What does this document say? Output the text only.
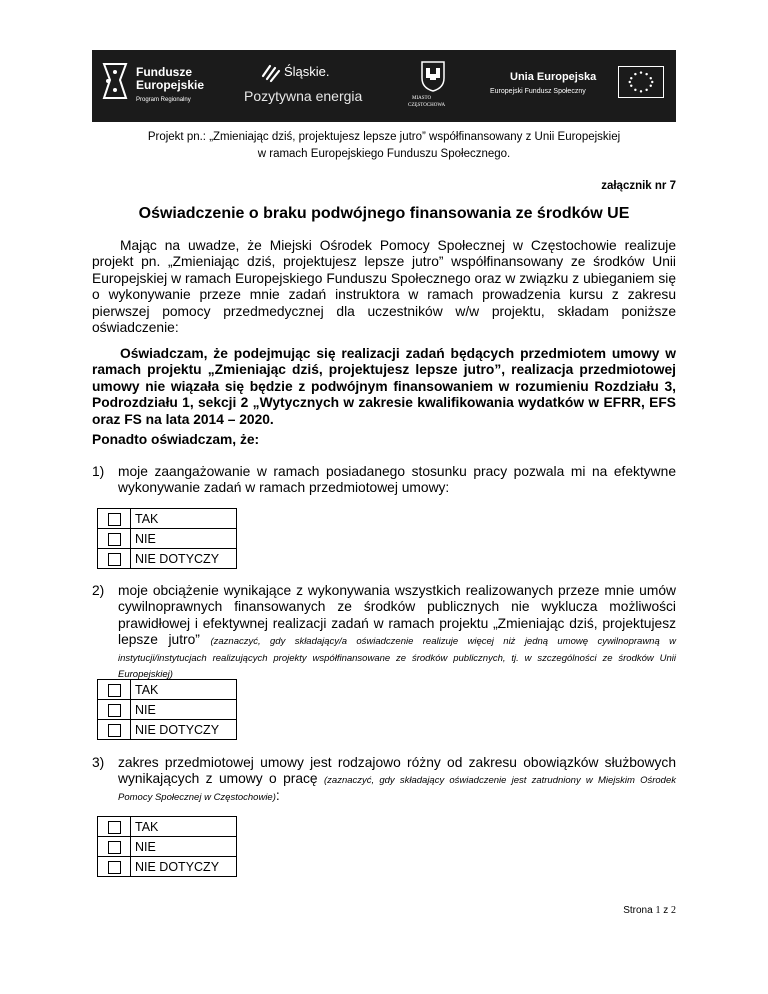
Fundusze
Europejskie
Program Regionalny
Śląskie.
Pozytywna energia	MIASTO
CZĘSTOCHOWA
Unia Europejska
Europejski Fundusz Społeczny
Projekt pn.: „Zmieniając dziś, projektujesz lepsze jutro” współfinansowany z Unii Europejskiej
w ramach Europejskiego Funduszu Społecznego.
załącznik nr 7
Oświadczenie o braku podwójnego finansowania ze środków UE
Mając na uwadze, że Miejski Ośrodek Pomocy Społecznej w Częstochowie realizuje projekt pn. „Zmieniając dziś, projektujesz lepsze jutro” współfinansowany ze środków Unii Europejskiej w ramach Europejskiego Funduszu Społecznego oraz w związku z ubieganiem się o wykonywanie przeze mnie zadań instruktora w ramach prowadzenia kursu z zakresu pierwszej pomocy przedmedycznej dla uczestników w/w projektu, składam poniższe oświadczenie:
Oświadczam, że podejmując się realizacji zadań będących przedmiotem umowy w ramach projektu „Zmieniając dziś, projektujesz lepsze jutro”, realizacja przedmiotowej umowy nie wiązała się będzie z podwójnym finansowaniem w rozumieniu Rozdziału 3, Podrozdziału 1, sekcji 2 „Wytycznych w zakresie kwalifikowania wydatków w EFRR, EFS oraz FS na lata 2014 – 2020.
Ponadto oświadczam, że:
1) moje zaangażowanie w ramach posiadanego stosunku pracy pozwala mi na efektywne wykonywanie zadań w ramach przedmiotowej umowy:
	TAK
	NIE
	NIE DOTYCZY
2) moje obciążenie wynikające z wykonywania wszystkich realizowanych przeze mnie umów cywilnoprawnych finansowanych ze środków publicznych nie wyklucza możliwości prawidłowej i efektywnej realizacji zadań w ramach projektu „Zmieniając dziś, projektujesz lepsze jutro” (zaznaczyć, gdy składający/a oświadczenie realizuje więcej niż jedną umowę cywilnoprawną w instytucji/instytucjach realizujących projekty współfinansowane ze środków publicznych, tj. w szczególności ze środków Unii Europejskiej)
	TAK
	NIE
	NIE DOTYCZY
3) zakres przedmiotowej umowy jest rodzajowo różny od zakresu obowiązków służbowych wynikających z umowy o pracę (zaznaczyć, gdy składający oświadczenie jest zatrudniony w Miejskim Ośrodek Pomocy Społecznej w Częstochowie):
	TAK
	NIE
	NIE DOTYCZY
Strona 1 z 2
